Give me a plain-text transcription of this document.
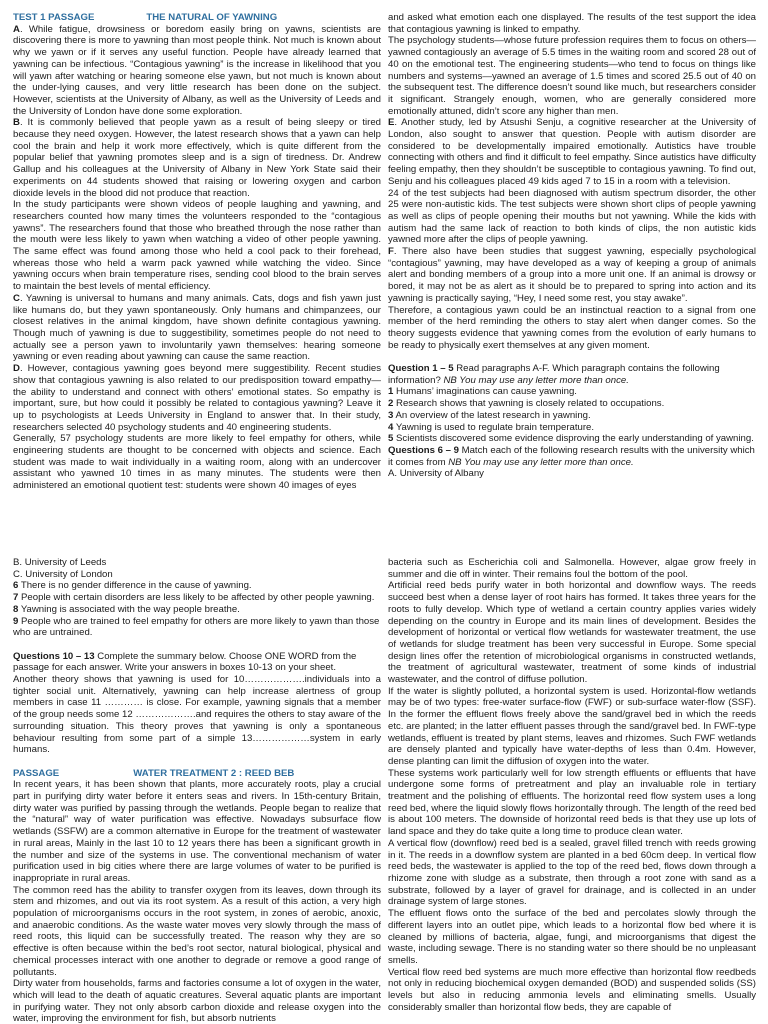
TEST 1 PASSAGE	THE NATURAL OF YAWNING

A. While fatigue, drowsiness or boredom easily bring on yawns, scientists are discovering there is more to yawning than most people think. Not much is known about why we yawn or if it serves any useful function. People have already learned that yawning can be infectious. “Contagious yawning” is the increase in likelihood that you will yawn after watching or hearing someone else yawn, but not much is known about the under-lying causes, and very little research has been done on the subject. However, scientists at the University of Albany, as well as the University of Leeds and the University of London have done some exploration.

B. It is commonly believed that people yawn as a result of being sleepy or tired because they need oxygen. However, the latest research shows that a yawn can help cool the brain and help it work more effectively, which is quite different from the popular belief that yawning promotes sleep and is a sign of tiredness. Dr. Andrew Gallup and his colleagues at the University of Albany in New York State said their experiments on 44 students showed that raising or lowering oxygen and carbon dioxide levels in the blood did not produce that reaction.

In the study participants were shown videos of people laughing and yawning, and researchers counted how many times the volunteers responded to the “contagious yawns”. The researchers found that those who breathed through the nose rather than the mouth were less likely to yawn when watching a video of other people yawning. The same effect was found among those who held a cool pack to their forehead, whereas those who held a warm pack yawned while watching the video. Since yawning occurs when brain temperature rises, sending cool blood to the brain serves to maintain the best levels of mental efficiency.

C. Yawning is universal to humans and many animals. Cats, dogs and fish yawn just like humans do, but they yawn spontaneously. Only humans and chimpanzees, our closest relatives in the animal kingdom, have shown definite contagious yawning. Though much of yawning is due to suggestibility, sometimes people do not need to actually see a person yawn to involuntarily yawn themselves: hearing someone yawning or even reading about yawning can cause the same reaction.

D. However, contagious yawning goes beyond mere suggestibility. Recent studies show that contagious yawning is also related to our predisposition toward empathy— the ability to understand and connect with others’ emotional states. So empathy is important, sure, but how could it possibly be related to contagious yawning? Leave it up to psychologists at Leeds University in England to answer that. In their study, researchers selected 40 psychology students and 40 engineering students.

Generally, 57 psychology students are more likely to feel empathy for others, while engineering students are thought to be concerned with objects and science. Each student was made to wait individually in a waiting room, along with an undercover assistant who yawned 10 times in as many minutes. The students were then administered an emotional quotient test: students were shown 40 images of eyes

and asked what emotion each one displayed. The results of the test support the idea that contagious yawning is linked to empathy.

The psychology students—whose future profession requires them to focus on others—yawned contagiously an average of 5.5 times in the waiting room and scored 28 out of 40 on the emotional test. The engineering students—who tend to focus on things like numbers and systems—yawned an average of 1.5 times and scored 25.5 out of 40 on the subsequent test. The difference doesn’t sound like much, but researchers consider it significant. Strangely enough, women, who are generally considered more emotionally attuned, didn’t score any higher than men.

E. Another study, led by Atsushi Senju, a cognitive researcher at the University of London, also sought to answer that question. People with autism disorder are considered to be developmentally impaired emotionally. Autistics have trouble connecting with others and find it difficult to feel empathy. Since autistics have difficulty feeling empathy, then they shouldn’t be susceptible to contagious yawning. To find out, Senju and his colleagues placed 49 kids aged 7 to 15 in a room with a television.

24 of the test subjects had been diagnosed with autism spectrum disorder, the other 25 were non-autistic kids. The test subjects were shown short clips of people yawning as well as clips of people opening their mouths but not yawning. While the kids with autism had the same lack of reaction to both kinds of clips, the non autistic kids yawned more after the clips of people yawning.

F. There also have been studies that suggest yawning, especially psychological “contagious” yawning, may have developed as a way of keeping a group of animals alert and bonding members of a group into a more unit one. If an animal is drowsy or bored, it may not be as alert as it should be to prepared to spring into action and its yawning is practically saying, “Hey, I need some rest, you stay awake”.

Therefore, a contagious yawn could be an instinctual reaction to a signal from one member of the herd reminding the others to stay alert when danger comes. So the theory suggests evidence that yawning comes from the evolution of early humans to be ready to physically exert themselves at any given moment.

Question 1 – 5 Read paragraphs A-F. Which paragraph contains the following information? NB You may use any letter more than once.

1 Humans’ imaginations can cause yawning.

2 Research shows that yawning is closely related to occupations.

3 An overview of the latest research in yawning.

4 Yawning is used to regulate brain temperature.

5 Scientists discovered some evidence disproving the early understanding of yawning.

Questions 6 – 9 Match each of the following research results with the university which it comes from NB You may use any letter more than once.

A. University of Albany

B. University of Leeds

C. University of London

6 There is no gender difference in the cause of yawning.

7 People with certain disorders are less likely to be affected by other people yawning.

8 Yawning is associated with the way people breathe.

9 People who are trained to feel empathy for others are more likely to yawn than those who are untrained.

Questions 10 – 13 Complete the summary below. Choose ONE WORD from the passage for each answer. Write your answers in boxes 10-13 on your sheet.

Another theory shows that yawning is used for 10……………….individuals into a tighter social unit. Alternatively, yawning can help increase alertness of group members in case 11 ………… is close. For example, yawning signals that a member of the group needs some 12 ……………….and requires the others to stay aware of the surrounding situation. This theory proves that yawning is only a spontaneous behaviour resulting from some part of a simple 13………………system in early humans.

PASSAGE	WATER TREATMENT 2 : REED BEB

In recent years, it has been shown that plants, more accurately roots, play a crucial part in purifying dirty water before it enters seas and rivers. In 15th-century Britain, dirty water was purified by passing through the wetlands. People began to realize that the “natural” way of water purification was effective. Nowadays subsurface flow wetlands (SSFW) are a common alternative in Europe for the treatment of wastewater in rural areas, Mainly in the last 10 to 12 years there has been a significant growth in the number and size of the systems in use. The conventional mechanism of water purification used in big cities where there are large volumes of water to be purified is inappropriate in rural areas.

The common reed has the ability to transfer oxygen from its leaves, down through its stem and rhizomes, and out via its root system. As a result of this action, a very high population of microorganisms occurs in the root system, in zones of aerobic, anoxic, and anaerobic conditions. As the waste water moves very slowly through the mass of reed roots, this liquid can be successfully treated. The reason why they are so effective is often because within the bed’s root sector, natural biological, physical and chemical processes interact with one another to degrade or remove a good range of pollutants.

Dirty water from households, farms and factories consume a lot of oxygen in the water, which will lead to the death of aquatic creatures. Several aquatic plants are important in purifying water. They not only absorb carbon dioxide and release oxygen into the water, improving the environment for fish, but absorb nutrients

bacteria such as Escherichia coli and Salmonella. However, algae grow freely in summer and die off in winter. Their remains foul the bottom of the pool.

Artificial reed beds purify water in both horizontal and downflow ways. The reeds succeed best when a dense layer of root hairs has formed. It takes three years for the roots to fully develop. Which type of wetland a certain country applies varies widely depending on the country in Europe and its main lines of development. Besides the development of horizontal or vertical flow wetlands for wastewater treatment, the use of wetlands for sludge treatment has been very successful in Europe. Some special design lines offer the retention of microbiological organisms in constructed wetlands, the treatment of agricultural wastewater, treatment of some kinds of industrial wastewater, and the control of diffuse pollution.

If the water is slightly polluted, a horizontal system is used. Horizontal-flow wetlands may be of two types: free-water surface-flow (FWF) or sub-surface water-flow (SSF). In the former the effluent flows freely above the sand/gravel bed in which the reeds etc. are planted; in the latter effluent passes through the sand/gravel bed. In FWF-type wetlands, effluent is treated by plant stems, leaves and rhizomes. Such FWF wetlands are densely planted and typically have water-depths of less than 0.4m. However, dense planting can limit the diffusion of oxygen into the water.

These systems work particularly well for low strength effluents or effluents that have undergone some forms of pretreatment and play an invaluable role in tertiary treatment and the polishing of effluents. The horizontal reed flow system uses a long reed bed, where the liquid slowly flows horizontally through. The length of the reed bed is about 100 meters. The downside of horizontal reed beds is that they use up lots of land space and they do take quite a long time to produce clean water.

A vertical flow (downflow) reed bed is a sealed, gravel filled trench with reeds growing in it. The reeds in a downflow system are planted in a bed 60cm deep. In vertical flow reed beds, the wastewater is applied to the top of the reed bed, flows down through a rhizome zone with sludge as a substrate, then through a root zone with sand as a substrate, followed by a layer of gravel for drainage, and is collected in an under drainage system of large stones.

The effluent flows onto the surface of the bed and percolates slowly through the different layers into an outlet pipe, which leads to a horizontal flow bed where it is cleaned by millions of bacteria, algae, fungi, and microorganisms that digest the waste, including sewage. There is no standing water so there should be no unpleasant smells.

Vertical flow reed bed systems are much more effective than horizontal flow reedbeds not only in reducing biochemical oxygen demanded (BOD) and suspended solids (SS) levels but also in reducing ammonia levels and eliminating smells. Usually considerably smaller than horizontal flow beds, they are capable of
